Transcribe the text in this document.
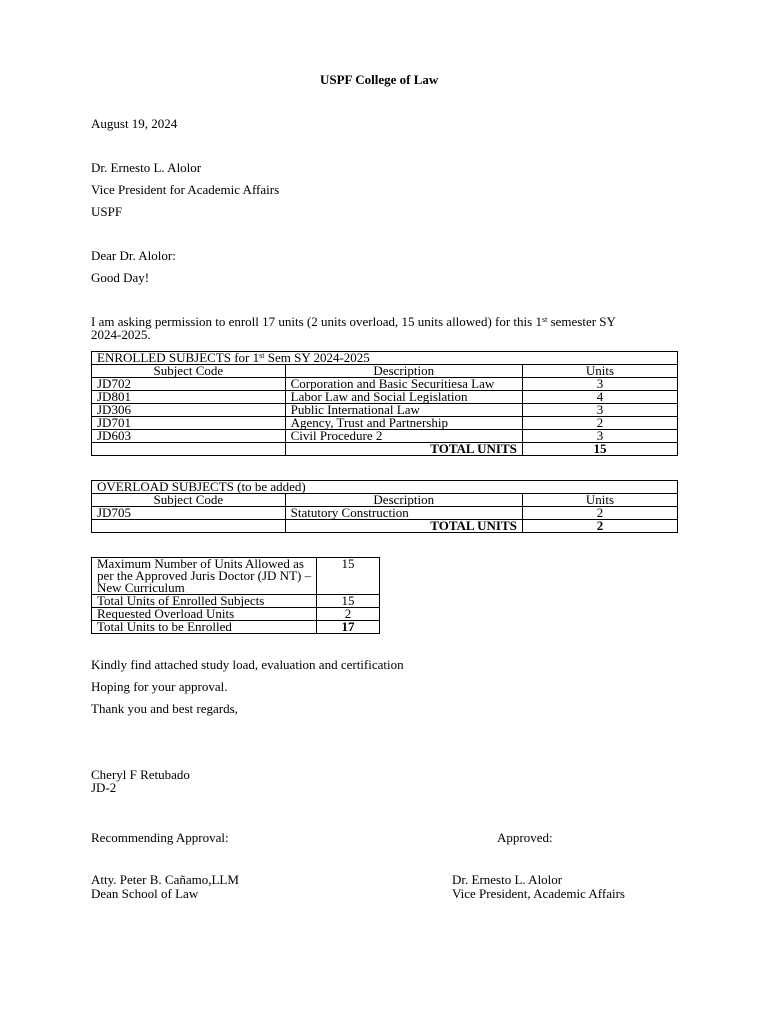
USPF College of Law
August 19, 2024
Dr. Ernesto L. Alolor
Vice President for Academic Affairs
USPF
Dear Dr. Alolor:
Good Day!
I am asking permission to enroll 17 units (2 units overload, 15 units allowed) for this 1st semester SY
2024-2025.
ENROLLED SUBJECTS for 1st Sem SY 2024-2025		
Subject Code	Description	Units
JD702	Corporation and Basic Securitiesa Law	3
JD801	Labor Law and Social Legislation	4
JD306	Public International Law	3
JD701	Agency, Trust and Partnership	2
JD603	Civil Procedure 2	3
	TOTAL UNITS	15
OVERLOAD SUBJECTS (to be added)		
Subject Code	Description	Units
JD705	Statutory Construction	2
	TOTAL UNITS	2
Maximum Number of Units Allowed as per the Approved Juris Doctor (JD NT) – New Curriculum	15
Total Units of Enrolled Subjects	15
Requested Overload Units	2
Total Units to be Enrolled	17
Kindly find attached study load, evaluation and certification
Hoping for your approval.
Thank you and best regards,
Cheryl F Retubado
JD-2
Recommending Approval:	Approved:
Atty. Peter B. Cañamo,LLM
Dean School of Law
Dr. Ernesto L. Alolor
Vice President, Academic Affairs
